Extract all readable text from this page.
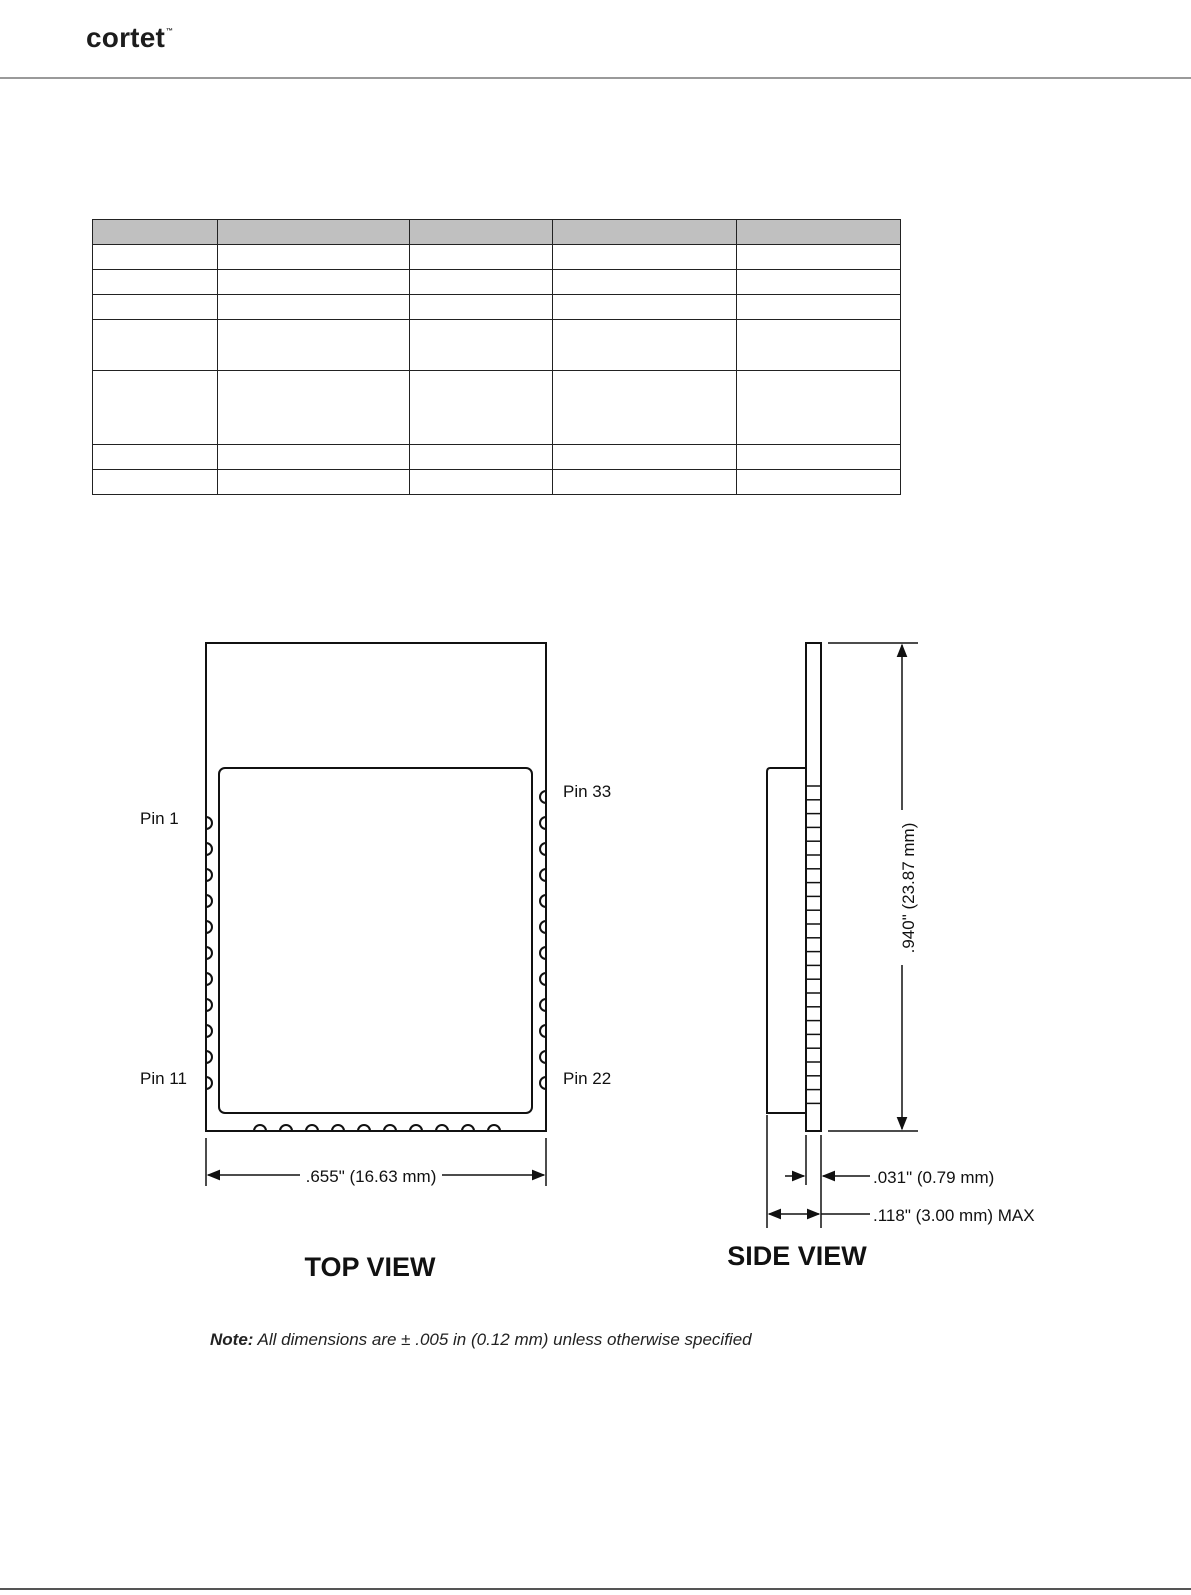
cortet™

Pin 1
Pin 11
Pin 33
Pin 22
.655" (16.63 mm)
TOP VIEW
.940" (23.87 mm)
.031" (0.79 mm)
.118" (3.00 mm) MAX
SIDE VIEW
Note: All dimensions are ± .005 in (0.12 mm) unless otherwise specified
